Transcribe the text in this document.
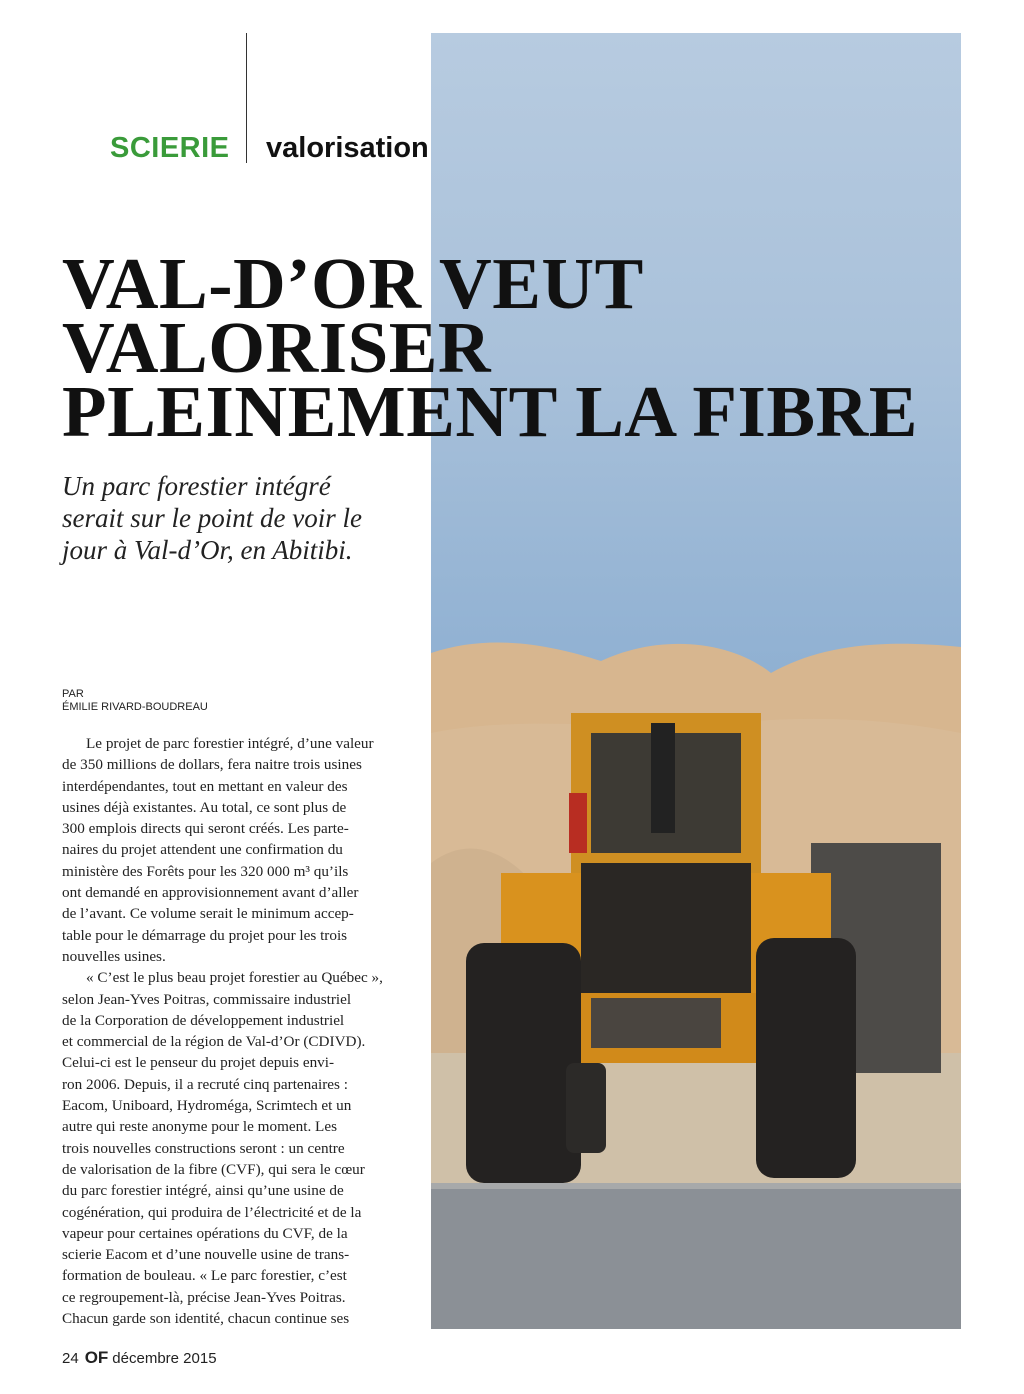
SCIERIE valorisation
VAL-D’OR VEUT
VALORISER
PLEINEMENT LA FIBRE

Un parc forestier intégré
serait sur le point de voir le
jour à Val-d’Or, en Abitibi.

PAR
ÉMILIE RIVARD-BOUDREAU
Le projet de parc forestier intégré, d’une valeur
de 350 millions de dollars, fera naitre trois usines
interdépendantes, tout en mettant en valeur des
usines déjà existantes. Au total, ce sont plus de
300 emplois directs qui seront créés. Les parte-
naires du projet attendent une confirmation du
ministère des Forêts pour les 320 000 m³ qu’ils
ont demandé en approvisionnement avant d’aller
de l’avant. Ce volume serait le minimum accep-
table pour le démarrage du projet pour les trois
nouvelles usines.
« C’est le plus beau projet forestier au Québec »,
selon Jean-Yves Poitras, commissaire industriel
de la Corporation de développement industriel
et commercial de la région de Val-d’Or (CDIVD).
Celui-ci est le penseur du projet depuis envi-
ron 2006. Depuis, il a recruté cinq partenaires :
Eacom, Uniboard, Hydroméga, Scrimtech et un
autre qui reste anonyme pour le moment. Les
trois nouvelles constructions seront : un centre
de valorisation de la fibre (CVF), qui sera le cœur
du parc forestier intégré, ainsi qu’une usine de
cogénération, qui produira de l’électricité et de la
vapeur pour certaines opérations du CVF, de la
scierie Eacom et d’une nouvelle usine de trans-
formation de bouleau. « Le parc forestier, c’est
ce regroupement-là, précise Jean-Yves Poitras.
Chacun garde son identité, chacun continue ses
24 OF décembre 2015
